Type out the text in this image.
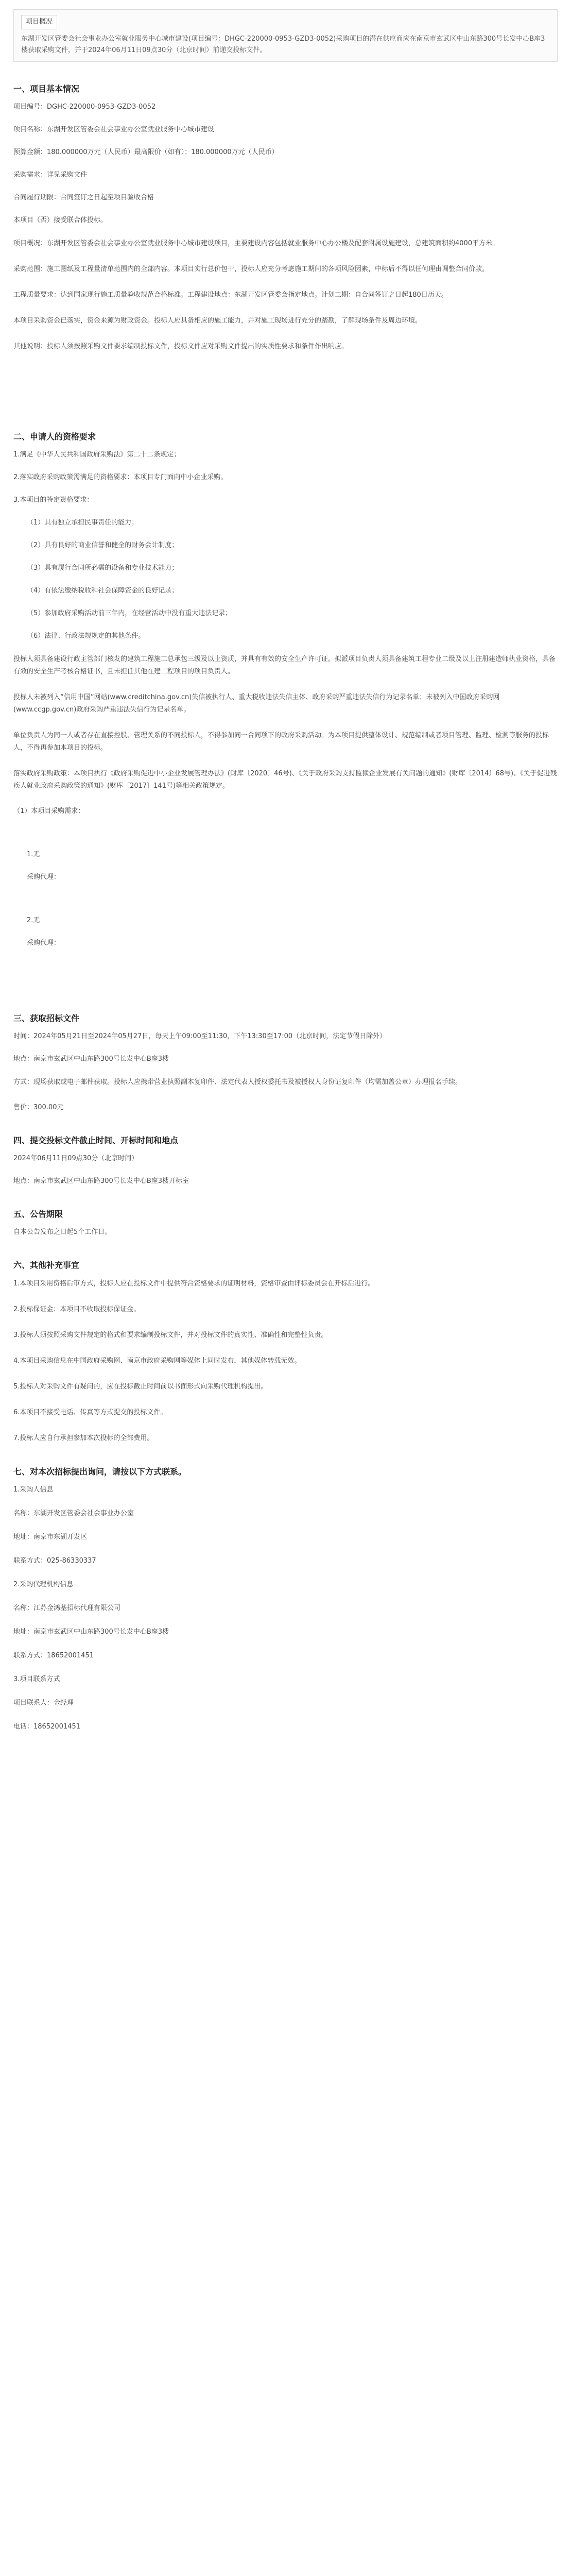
项目概况
东湖开发区管委会社会事业办公室就业服务中心城市建设(项目编号：DHGC-220000-0953-GZD3-0052)采购项目的潜在供应商应在南京市玄武区中山东路300号长发中心B座3楼获取采购文件，并于2024年06月11日09点30分（北京时间）前递交投标文件。
一、项目基本情况
项目编号：DGHC-220000-0953-GZD3-0052
项目名称：东湖开发区管委会社会事业办公室就业服务中心城市建设
预算金额：180.000000万元（人民币）最高限价（如有）：180.000000万元（人民币）
采购需求：详见采购文件
合同履行期限：合同签订之日起至项目验收合格
本项目（否）接受联合体投标。
项目概况：东湖开发区管委会社会事业办公室就业服务中心城市建设项目，主要建设内容包括就业服务中心办公楼及配套附属设施建设，总建筑面积约4000平方米。
采购范围：施工图纸及工程量清单范围内的全部内容。本项目实行总价包干，投标人应充分考虑施工期间的各项风险因素，中标后不得以任何理由调整合同价款。
工程质量要求：达到国家现行施工质量验收规范合格标准。工程建设地点：东湖开发区管委会指定地点。计划工期：自合同签订之日起180日历天。
本项目采购资金已落实，资金来源为财政资金。投标人应具备相应的施工能力，并对施工现场进行充分的踏勘，了解现场条件及周边环境。
其他说明：投标人须按照采购文件要求编制投标文件，投标文件应对采购文件提出的实质性要求和条件作出响应。
二、申请人的资格要求
1.满足《中华人民共和国政府采购法》第二十二条规定；
2.落实政府采购政策需满足的资格要求：本项目专门面向中小企业采购。
3.本项目的特定资格要求：
（1）具有独立承担民事责任的能力；
（2）具有良好的商业信誉和健全的财务会计制度；
（3）具有履行合同所必需的设备和专业技术能力；
（4）有依法缴纳税收和社会保障资金的良好记录；
（5）参加政府采购活动前三年内，在经营活动中没有重大违法记录；
（6）法律、行政法规规定的其他条件。
投标人须具备建设行政主管部门核发的建筑工程施工总承包三级及以上资质，并具有有效的安全生产许可证。拟派项目负责人须具备建筑工程专业二级及以上注册建造师执业资格，具备有效的安全生产考核合格证书，且未担任其他在建工程项目的项目负责人。
投标人未被列入“信用中国”网站(www.creditchina.gov.cn)失信被执行人、重大税收违法失信主体、政府采购严重违法失信行为记录名单；未被列入中国政府采购网(www.ccgp.gov.cn)政府采购严重违法失信行为记录名单。
单位负责人为同一人或者存在直接控股、管理关系的不同投标人，不得参加同一合同项下的政府采购活动。为本项目提供整体设计、规范编制或者项目管理、监理、检测等服务的投标人，不得再参加本项目的投标。
落实政府采购政策：本项目执行《政府采购促进中小企业发展管理办法》(财库〔2020〕46号)、《关于政府采购支持监狱企业发展有关问题的通知》(财库〔2014〕68号)、《关于促进残疾人就业政府采购政策的通知》(财库〔2017〕141号)等相关政策规定。
（1）本项目采购需求：
1.无
采购代理：
2.无
采购代理：
三、获取招标文件
时间：2024年05月21日至2024年05月27日，每天上午09:00至11:30，下午13:30至17:00（北京时间，法定节假日除外）
地点：南京市玄武区中山东路300号长发中心B座3楼
方式：现场获取或电子邮件获取。投标人应携带营业执照副本复印件、法定代表人授权委托书及被授权人身份证复印件（均需加盖公章）办理报名手续。
售价：300.00元
四、提交投标文件截止时间、开标时间和地点
2024年06月11日09点30分（北京时间）
地点：南京市玄武区中山东路300号长发中心B座3楼开标室
五、公告期限
自本公告发布之日起5个工作日。
六、其他补充事宜
1.本项目采用资格后审方式，投标人应在投标文件中提供符合资格要求的证明材料，资格审查由评标委员会在开标后进行。
2.投标保证金：本项目不收取投标保证金。
3.投标人须按照采购文件规定的格式和要求编制投标文件，并对投标文件的真实性、准确性和完整性负责。
4.本项目采购信息在中国政府采购网、南京市政府采购网等媒体上同时发布，其他媒体转载无效。
5.投标人对采购文件有疑问的，应在投标截止时间前以书面形式向采购代理机构提出。
6.本项目不接受电话、传真等方式提交的投标文件。
7.投标人应自行承担参加本次投标的全部费用。
七、对本次招标提出询问，请按以下方式联系。
1.采购人信息
名称：东湖开发区管委会社会事业办公室
地址：南京市东湖开发区
联系方式：025-86330337
2.采购代理机构信息
名称：江苏金鸿基招标代理有限公司
地址：南京市玄武区中山东路300号长发中心B座3楼
联系方式：18652001451
3.项目联系方式
项目联系人：金经理
电话：18652001451
